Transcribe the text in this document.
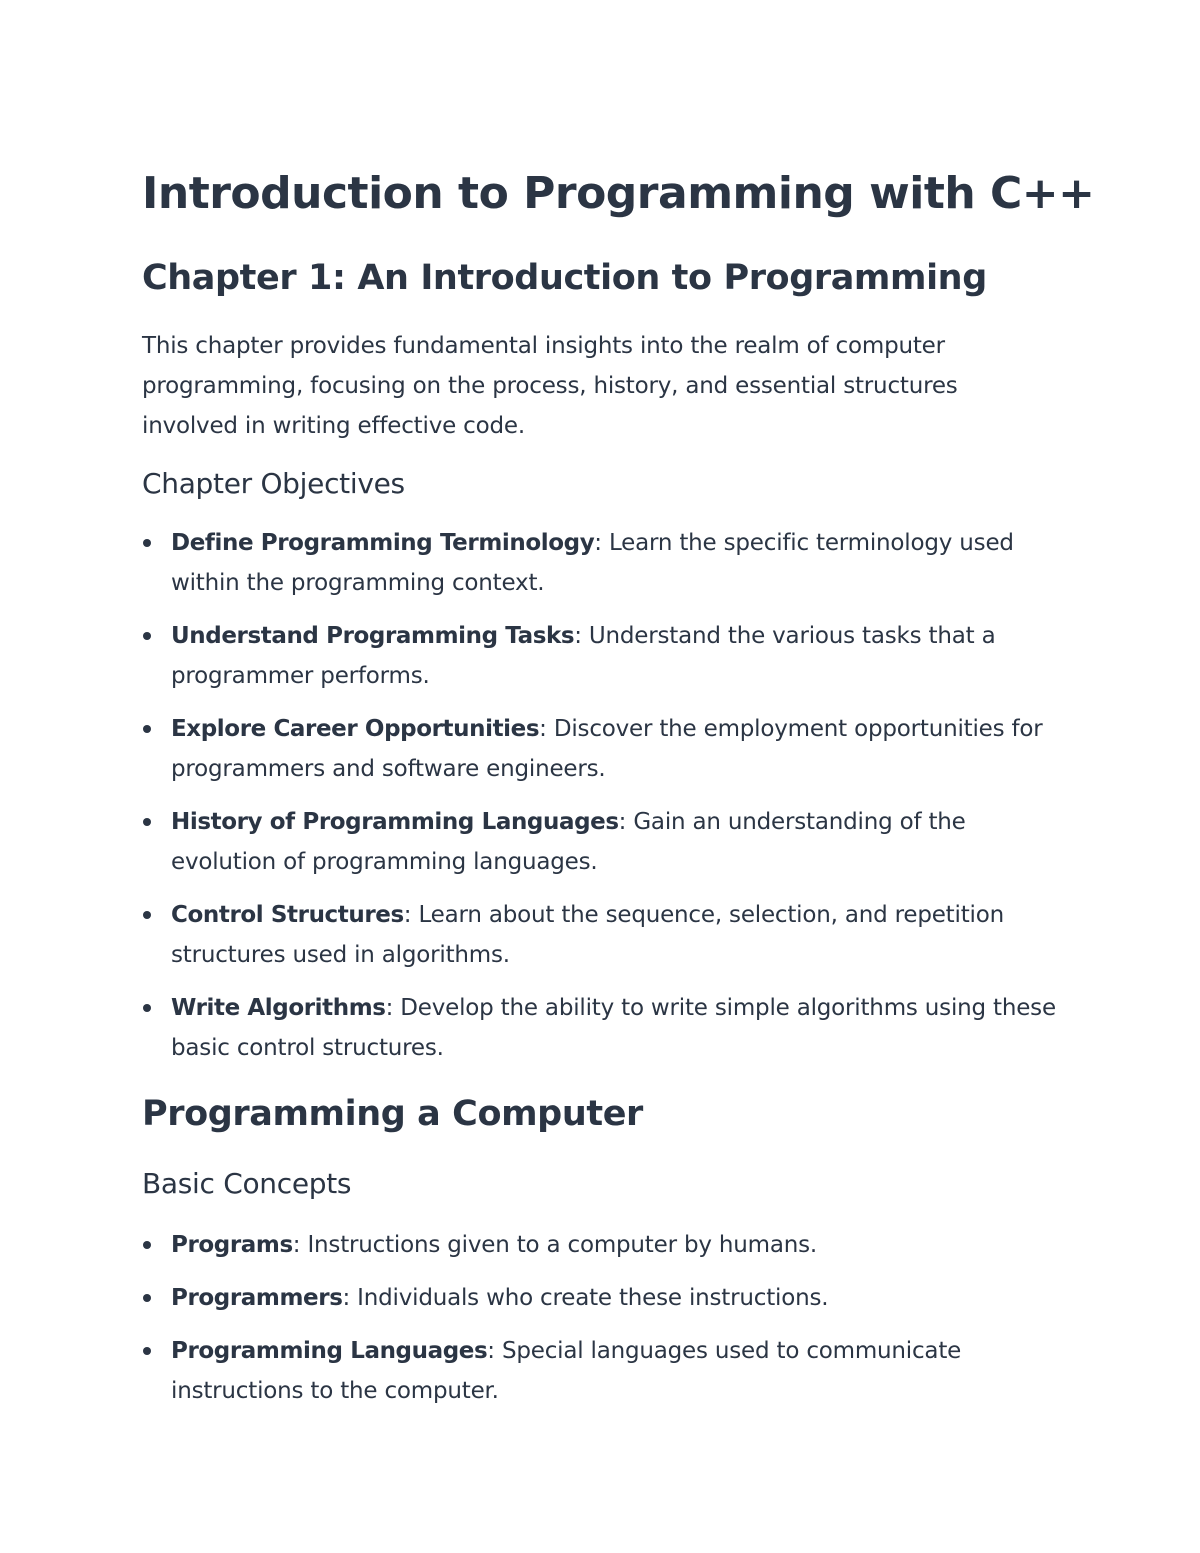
Introduction to Programming with C++
Chapter 1: An Introduction to Programming

This chapter provides fundamental insights into the realm of computer programming, focusing on the process, history, and essential structures involved in writing effective code.

Chapter Objectives
Define Programming Terminology: Learn the specific terminology used within the programming context.
Understand Programming Tasks: Understand the various tasks that a programmer performs.
Explore Career Opportunities: Discover the employment opportunities for programmers and software engineers.
History of Programming Languages: Gain an understanding of the evolution of programming languages.
Control Structures: Learn about the sequence, selection, and repetition structures used in algorithms.
Write Algorithms: Develop the ability to write simple algorithms using these basic control structures.
Programming a Computer
Basic Concepts
Programs: Instructions given to a computer by humans.
Programmers: Individuals who create these instructions.
Programming Languages: Special languages used to communicate instructions to the computer.
